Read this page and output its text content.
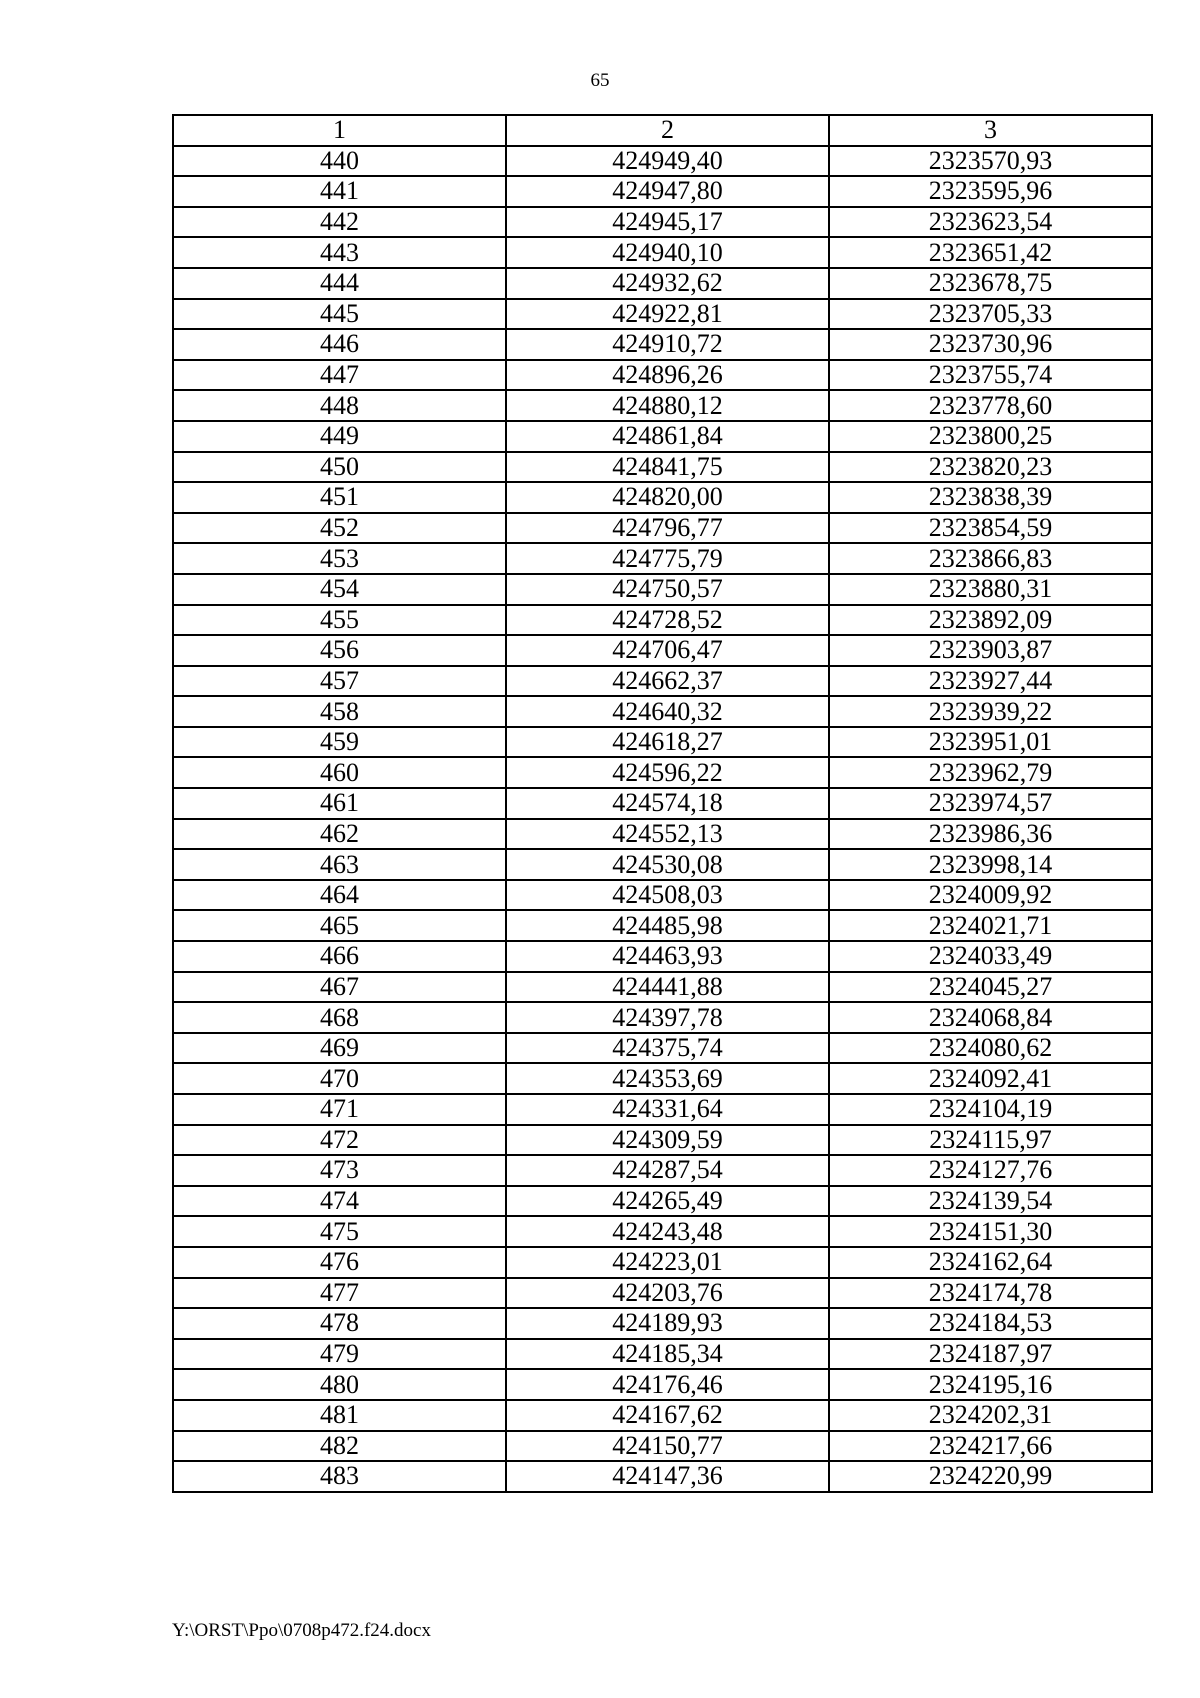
65
1	2	3
440	424949,40	2323570,93
441	424947,80	2323595,96
442	424945,17	2323623,54
443	424940,10	2323651,42
444	424932,62	2323678,75
445	424922,81	2323705,33
446	424910,72	2323730,96
447	424896,26	2323755,74
448	424880,12	2323778,60
449	424861,84	2323800,25
450	424841,75	2323820,23
451	424820,00	2323838,39
452	424796,77	2323854,59
453	424775,79	2323866,83
454	424750,57	2323880,31
455	424728,52	2323892,09
456	424706,47	2323903,87
457	424662,37	2323927,44
458	424640,32	2323939,22
459	424618,27	2323951,01
460	424596,22	2323962,79
461	424574,18	2323974,57
462	424552,13	2323986,36
463	424530,08	2323998,14
464	424508,03	2324009,92
465	424485,98	2324021,71
466	424463,93	2324033,49
467	424441,88	2324045,27
468	424397,78	2324068,84
469	424375,74	2324080,62
470	424353,69	2324092,41
471	424331,64	2324104,19
472	424309,59	2324115,97
473	424287,54	2324127,76
474	424265,49	2324139,54
475	424243,48	2324151,30
476	424223,01	2324162,64
477	424203,76	2324174,78
478	424189,93	2324184,53
479	424185,34	2324187,97
480	424176,46	2324195,16
481	424167,62	2324202,31
482	424150,77	2324217,66
483	424147,36	2324220,99
Y:\ORST\Ppo\0708p472.f24.docx
